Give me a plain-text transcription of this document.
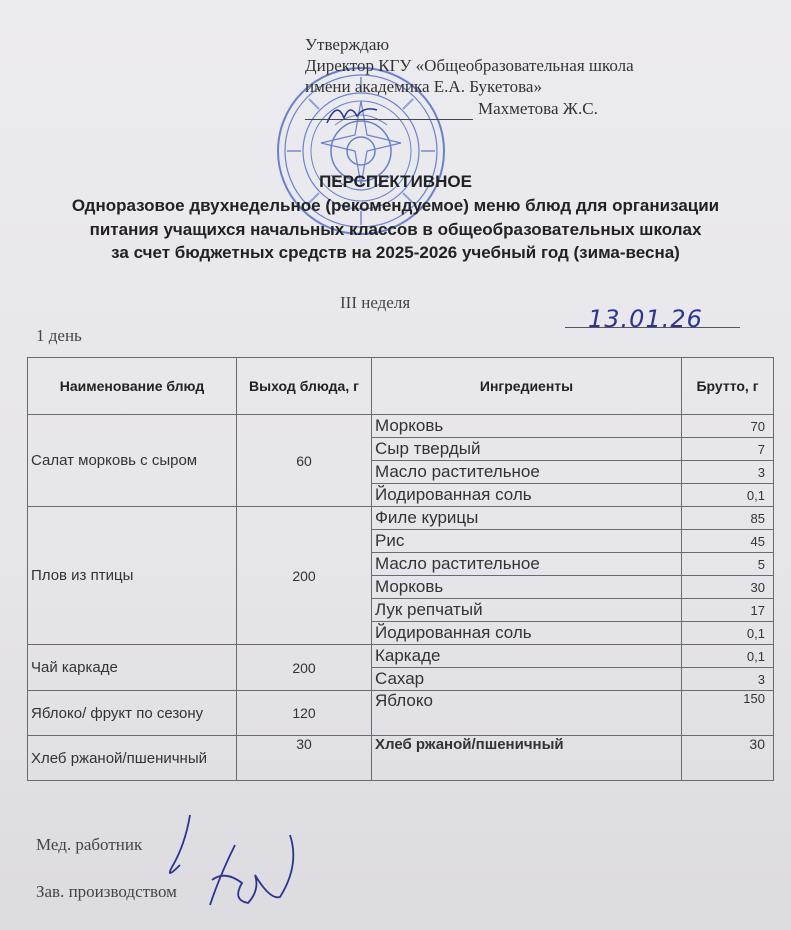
Утверждаю
Директор КГУ «Общеобразовательная школа
имени академика Е.А. Букетова»
Махметова Ж.С.
ПЕРСПЕКТИВНОЕ
Одноразовое двухнедельное (рекомендуемое) меню блюд для организации
питания учащихся начальных классов в общеобразовательных школах
за счет бюджетных средств на 2025-2026 учебный год (зима-весна)
III неделя
1 день
13.01.26
Наименование блюд	Выход блюда, г	Ингредиенты	Брутто, г
Салат морковь с сыром	60	Морковь	70
		Сыр твердый	7
		Масло растительное	3
		Йодированная соль	0,1
Плов из птицы	200	Филе курицы	85
		Рис	45
		Масло растительное	5
		Морковь	30
		Лук репчатый	17
		Йодированная соль	0,1
Чай каркаде	200	Каркаде	0,1
		Сахар	3
Яблоко/ фрукт по сезону	120	Яблоко	150
Хлеб ржаной/пшеничный	30	Хлеб ржаной/пшеничный	30
Мед. работник
Зав. производством
